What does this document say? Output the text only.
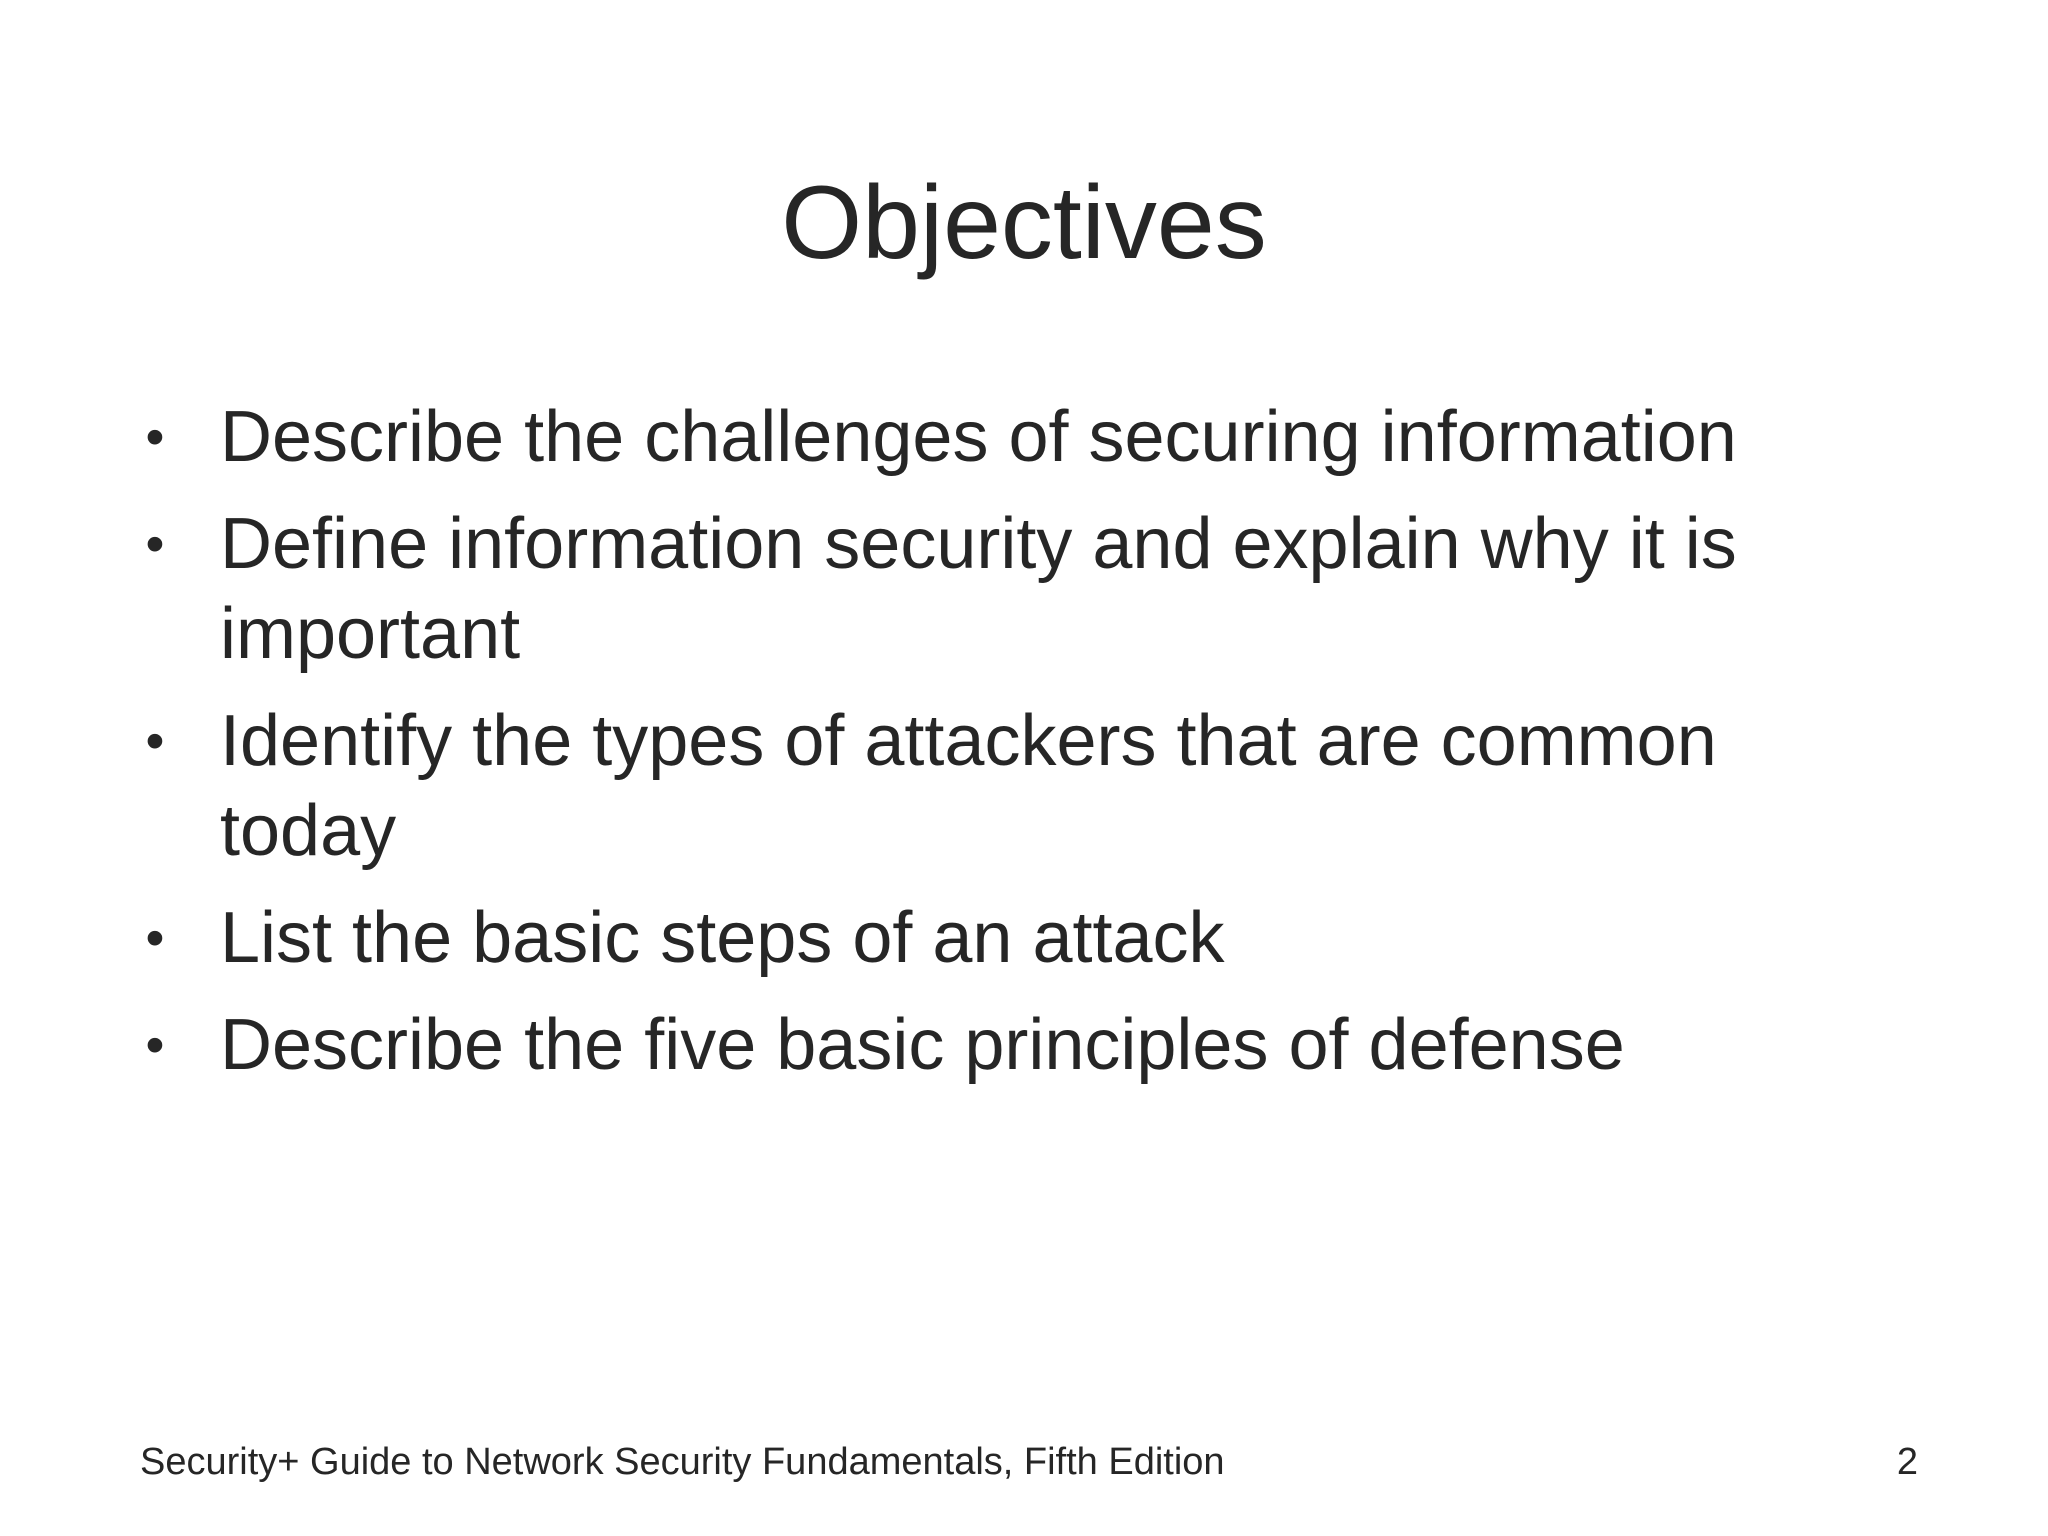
Objectives
• Describe the challenges of securing information
• Define information security and explain why it is important
• Identify the types of attackers that are common today
• List the basic steps of an attack
• Describe the five basic principles of defense
Security+ Guide to Network Security Fundamentals, Fifth Edition	2
